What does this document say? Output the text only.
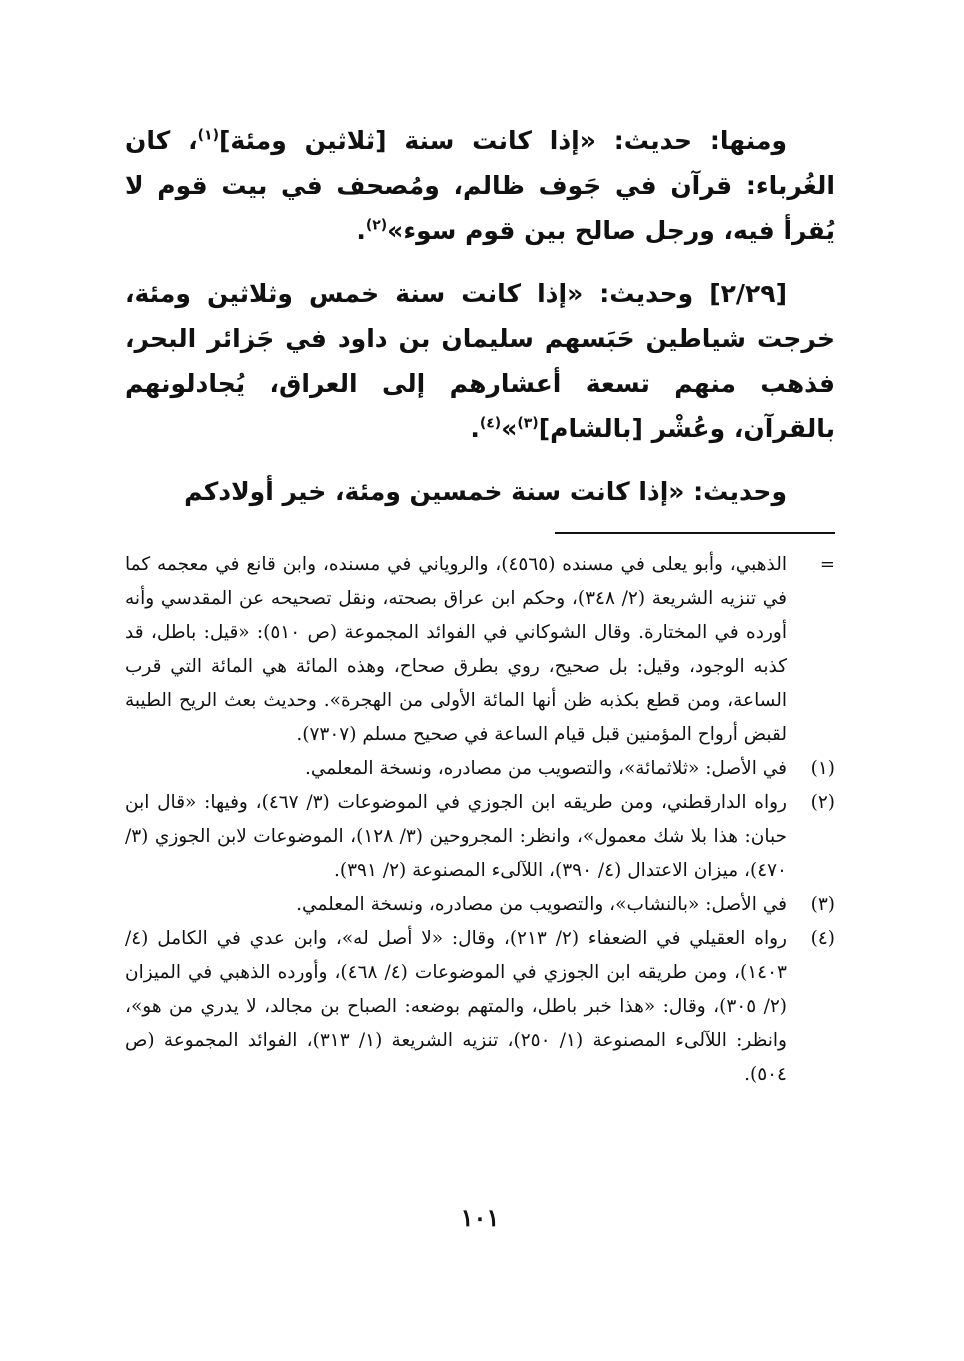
ومنها: حديث: «إذا كانت سنة [ثلاثين ومئة]$^{(١)}$، كان الغُرباء: قرآن في جَوف ظالم، ومُصحف في بيت قوم لا يُقرأ فيه، ورجل صالح بين قوم سوء»$^{(٢)}$.

[٢/٢٩] وحديث: «إذا كانت سنة خمس وثلاثين ومئة، خرجت شياطين حَبَسهم سليمان بن داود في جَزائر البحر، فذهب منهم تسعة أعشارهم إلى العراق، يُجادلونهم بالقرآن، وعُشْر [بالشام]$^{(٣)}$»$^{(٤)}$.

وحديث: «إذا كانت سنة خمسين ومئة، خير أولادكم

=
الذهبي، وأبو يعلى في مسنده (٤٥٦٥)، والروياني في مسنده، وابن قانع في معجمه كما في تنزيه الشريعة (٢/ ٣٤٨)، وحكم ابن عراق بصحته، ونقل تصحيحه عن المقدسي وأنه أورده في المختارة. وقال الشوكاني في الفوائد المجموعة (ص ٥١٠): «قيل: باطل، قد كذبه الوجود، وقيل: بل صحيح، روي بطرق صحاح، وهذه المائة هي المائة التي قرب الساعة، ومن قطع بكذبه ظن أنها المائة الأولى من الهجرة». وحديث بعث الريح الطيبة لقبض أرواح المؤمنين قبل قيام الساعة في صحيح مسلم (٧٣٠٧).
(١)
في الأصل: «ثلاثمائة»، والتصويب من مصادره، ونسخة المعلمي.
(٢)
رواه الدارقطني، ومن طريقه ابن الجوزي في الموضوعات (٣/ ٤٦٧)، وفيها: «قال ابن حبان: هذا بلا شك معمول»، وانظر: المجروحين (٣/ ١٢٨)، الموضوعات لابن الجوزي (٣/ ٤٧٠)، ميزان الاعتدال (٤/ ٣٩٠)، اللآلىء المصنوعة (٢/ ٣٩١).
(٣)
في الأصل: «بالنشاب»، والتصويب من مصادره، ونسخة المعلمي.
(٤)
رواه العقيلي في الضعفاء (٢/ ٢١٣)، وقال: «لا أصل له»، وابن عدي في الكامل (٤/ ١٤٠٣)، ومن طريقه ابن الجوزي في الموضوعات (٤/ ٤٦٨)، وأورده الذهبي في الميزان (٢/ ٣٠٥)، وقال: «هذا خبر باطل، والمتهم بوضعه: الصباح بن مجالد، لا يدري من هو»، وانظر: اللآلىء المصنوعة (١/ ٢٥٠)، تنزيه الشريعة (١/ ٣١٣)، الفوائد المجموعة (ص ٥٠٤).
١٠١
